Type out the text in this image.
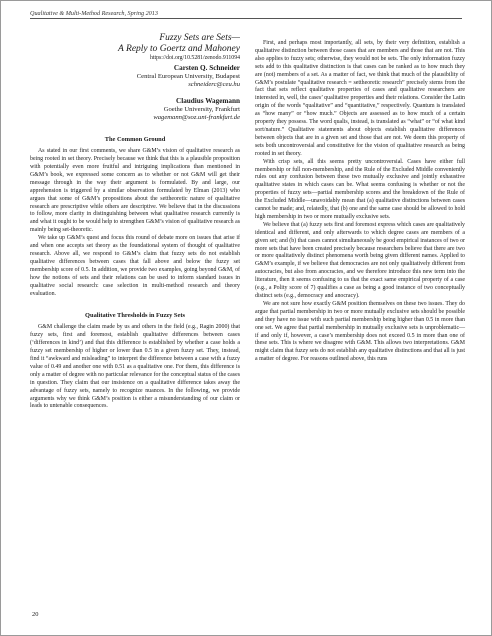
Qualitative & Multi-Method Research, Spring 2013
Fuzzy Sets are Sets—
A Reply to Goertz and Mahoney
https://doi.org/10.5281/zenodo.911094
Carsten Q. Schneider
Central European University, Budapest
schneiderc@ceu.hu
Claudius Wagemann
Goethe University, Frankfurt
wagemann@soz.uni-frankfurt.de
The Common Ground

As stated in our first comments, we share G&M’s vision of qualitative research as being rooted in set theory. Precisely because we think that this is a plausible proposition with potentially even more fruitful and intriguing implications than mentioned in G&M’s book, we expressed some concern as to whether or not G&M will get their message through in the way their argument is formulated. By and large, our apprehension is triggered by a similar observation formulated by Elman (2013) who argues that some of G&M’s propositions about the settheoretic nature of qualitative research are prescriptive while others are descriptive. We believe that in the discussions to follow, more clarity in distinguishing between what qualitative research currently is and what it ought to be would help to strengthen G&M’s vision of qualitative research as mainly being set-theoretic.

We take up G&M’s quest and focus this round of debate more on issues that arise if and when one accepts set theory as the foundational system of thought of qualitative research. Above all, we respond to G&M’s claim that fuzzy sets do not establish qualitative differences between cases that fall above and below the fuzzy set membership score of 0.5. In addition, we provide two examples, going beyond G&M, of how the notions of sets and their relations can be used to inform standard issues in qualitative social research: case selection in multi-method research and theory evaluation.

Qualitative Thresholds in Fuzzy Sets

G&M challenge the claim made by us and others in the field (e.g., Ragin 2000) that fuzzy sets, first and foremost, establish qualitative differences between cases (‘differences in kind’) and that this difference is established by whether a case holds a fuzzy set membership of higher or lower than 0.5 in a given fuzzy set. They, instead, find it “awkward and misleading” to interpret the difference between a case with a fuzzy value of 0.49 and another one with 0.51 as a qualitative one. For them, this difference is only a matter of degree with no particular relevance for the conceptual status of the cases in question. They claim that our insistence on a qualitative difference takes away the advantage of fuzzy sets, namely to recognize nuances. In the following, we provide arguments why we think G&M’s position is either a misunderstanding of our claim or leads to untenable consequences.

First, and perhaps most importantly, all sets, by their very definition, establish a qualitative distinction between those cases that are members and those that are not. This also applies to fuzzy sets; otherwise, they would not be sets. The only information fuzzy sets add to this qualitative distinction is that cases can be ranked as to how much they are (not) members of a set. As a matter of fact, we think that much of the plausibility of G&M’s postulate “qualitative research = settheoretic research” precisely stems from the fact that sets reflect qualitative properties of cases and qualitative researchers are interested in, well, the cases’ qualitative properties and their relations. Consider the Latin origin of the words “qualitative” and “quantitative,” respectively. Quantum is translated as “how many” or “how much.” Objects are assessed as to how much of a certain property they possess. The word qualis, instead, is translated as “what” or “of what kind sort/nature.” Qualitative statements about objects establish qualitative differences between objects that are in a given set and those that are not. We deem this property of sets both uncontroversial and constitutive for the vision of qualitative research as being rooted in set theory.

With crisp sets, all this seems pretty uncontroversial. Cases have either full membership or full non-membership, and the Rule of the Excluded Middle conveniently rules out any confusion between these two mutually exclusive and jointly exhaustive qualitative states in which cases can be. What seems confusing is whether or not the properties of fuzzy sets—partial membership scores and the breakdown of the Rule of the Excluded Middle—unavoidably mean that (a) qualitative distinctions between cases cannot be made; and, relatedly, that (b) one and the same case should be allowed to hold high membership in two or more mutually exclusive sets.

We believe that (a) fuzzy sets first and foremost express which cases are qualitatively identical and different, and only afterwards to which degree cases are members of a given set; and (b) that cases cannot simultaneously be good empirical instances of two or more sets that have been created precisely because researchers believe that there are two or more qualitatively distinct phenomena worth being given different names. Applied to G&M’s example, if we believe that democracies are not only qualitatively different from autocracies, but also from anocracies, and we therefore introduce this new term into the literature, then it seems confusing to us that the exact same empirical property of a case (e.g., a Polity score of 7) qualifies a case as being a good instance of two conceptually distinct sets (e.g., democracy and anocracy).

We are not sure how exactly G&M position themselves on these two issues. They do argue that partial membership in two or more mutually exclusive sets should be possible and they have no issue with such partial membership being higher than 0.5 in more than one set. We agree that partial membership in mutually exclusive sets is unproblematic—if and only if, however, a case’s membership does not exceed 0.5 in more than one of these sets. This is where we disagree with G&M. This allows two interpretations. G&M might claim that fuzzy sets do not establish any qualitative distinctions and that all is just a matter of degree. For reasons outlined above, this runs

20
